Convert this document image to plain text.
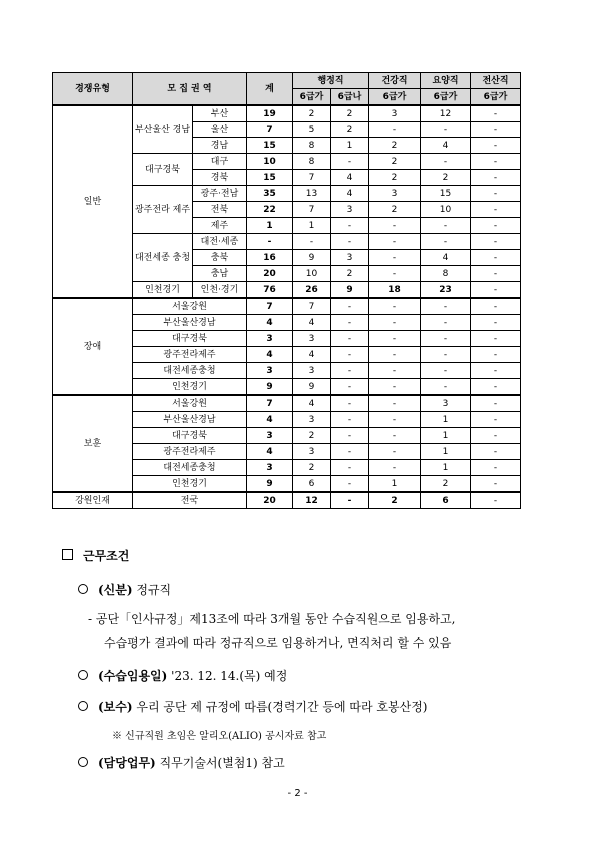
경쟁유형	모 집 권 역		계	행정직		건강직	요양직	전산직
				6급가	6급나	6급가	6급가	6급가
일반	부산울산 경남	부산	19	2	2	3	12	-
		울산	7	5	2	-	-	-
		경남	15	8	1	2	4	-
	대구경북	대구	10	8	-	2	-	-
		경북	15	7	4	2	2	-
	광주전라 제주	광주·전남	35	13	4	3	15	-
		전북	22	7	3	2	10	-
		제주	1	1	-	-	-	-
	대전세종 충청	대전·세종	-	-	-	-	-	-
		충북	16	9	3	-	4	-
		충남	20	10	2	-	8	-
	인천경기	인천·경기	76	26	9	18	23	-
장애	서울강원		7	7	-	-	-	-
	부산울산경남		4	4	-	-	-	-
	대구경북		3	3	-	-	-	-
	광주전라제주		4	4	-	-	-	-
	대전세종충청		3	3	-	-	-	-
	인천경기		9	9	-	-	-	-
보훈	서울강원		7	4	-	-	3	-
	부산울산경남		4	3	-	-	1	-
	대구경북		3	2	-	-	1	-
	광주전라제주		4	3	-	-	1	-
	대전세종충청		3	2	-	-	1	-
	인천경기		9	6	-	1	2	-
강원인재	전국		20	12	-	2	6	-
근무조건
(신분) 정규직
- 공단「인사규정」제13조에 따라 3개월 동안 수습직원으로 임용하고,
수습평가 결과에 따라 정규직으로 임용하거나, 면직처리 할 수 있음
(수습임용일) '23. 12. 14.(목) 예정
(보수) 우리 공단 제 규정에 따름(경력기간 등에 따라 호봉산정)
※ 신규직원 초임은 알리오(ALIO) 공시자료 참고
(담당업무) 직무기술서(별첨1) 참고
- 2 -
